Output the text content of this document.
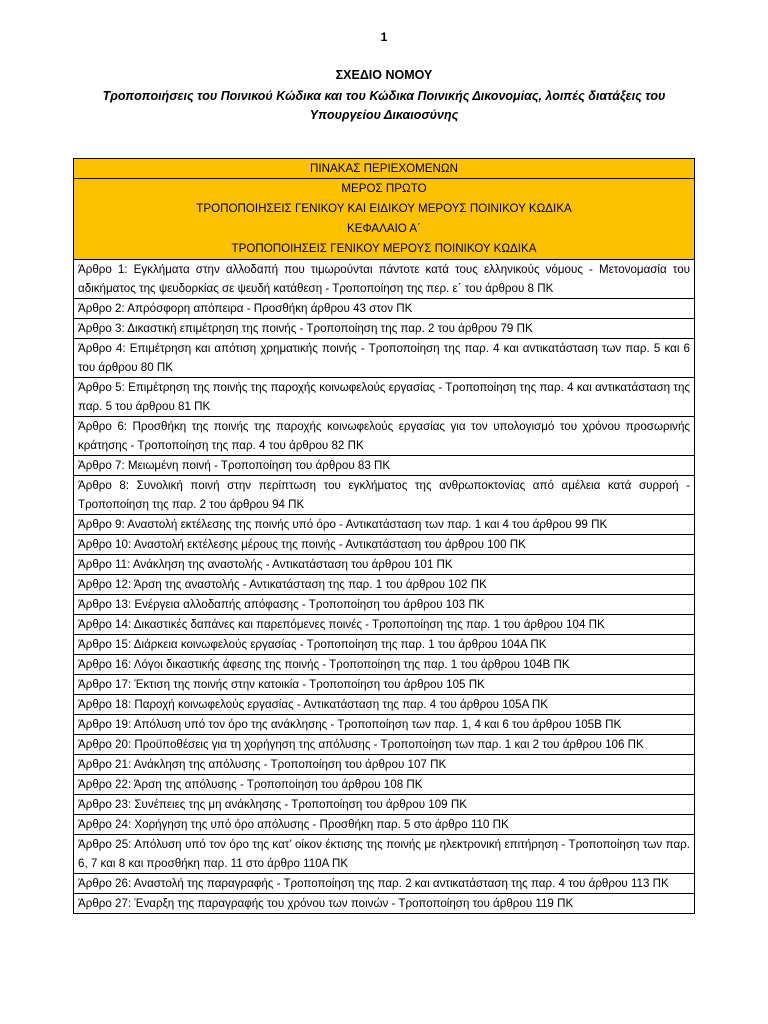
1
ΣΧΕΔΙΟ ΝΟΜΟΥ
Τροποποιήσεις του Ποινικού Κώδικα και του Κώδικα Ποινικής Δικονομίας, λοιπές διατάξεις του Υπουργείου Δικαιοσύνης
ΠΙΝΑΚΑΣ ΠΕΡΙΕΧΟΜΕΝΩΝ

ΜΕΡΟΣ ΠΡΩΤΟ
ΤΡΟΠΟΠΟΙΗΣΕΙΣ ΓΕΝΙΚΟΥ ΚΑΙ ΕΙΔΙΚΟΥ ΜΕΡΟΥΣ ΠΟΙΝΙΚΟΥ ΚΩΔΙΚΑ
ΚΕΦΑΛΑΙΟ Α΄
ΤΡΟΠΟΠΟΙΗΣΕΙΣ ΓΕΝΙΚΟΥ ΜΕΡΟΥΣ ΠΟΙΝΙΚΟΥ ΚΩΔΙΚΑ

Άρθρο 1: Εγκλήματα στην αλλοδαπή που τιμωρούνται πάντοτε κατά τους ελληνικούς νόμους - Μετονομασία του αδικήματος της ψευδορκίας σε ψευδή κατάθεση - Τροποποίηση της περ. ε΄ του άρθρου 8 ΠΚ
Άρθρο 2: Απρόσφορη απόπειρα - Προσθήκη άρθρου 43 στον ΠΚ
Άρθρο 3: Δικαστική επιμέτρηση της ποινής - Τροποποίηση της παρ. 2 του άρθρου 79 ΠΚ
Άρθρο 4: Επιμέτρηση και απότιση χρηματικής ποινής - Τροποποίηση της παρ. 4 και αντικατάσταση των παρ. 5 και 6 του άρθρου 80 ΠΚ
Άρθρο 5: Επιμέτρηση της ποινής της παροχής κοινωφελούς εργασίας - Τροποποίηση της παρ. 4 και αντικατάσταση της παρ. 5 του άρθρου 81 ΠΚ
Άρθρο 6: Προσθήκη της ποινής της παροχής κοινωφελούς εργασίας για τον υπολογισμό του χρόνου προσωρινής κράτησης - Τροποποίηση της παρ. 4 του άρθρου 82 ΠΚ
Άρθρο 7: Μειωμένη ποινή - Τροποποίηση του άρθρου 83 ΠΚ
Άρθρο 8: Συνολική ποινή στην περίπτωση του εγκλήματος της ανθρωποκτονίας από αμέλεια κατά συρροή - Τροποποίηση της παρ. 2 του άρθρου 94 ΠΚ
Άρθρο 9: Αναστολή εκτέλεσης της ποινής υπό όρο - Αντικατάσταση των παρ. 1 και 4 του άρθρου 99 ΠΚ
Άρθρο 10: Αναστολή εκτέλεσης μέρους της ποινής - Αντικατάσταση του άρθρου 100 ΠΚ
Άρθρο 11: Ανάκληση της αναστολής - Αντικατάσταση του άρθρου 101 ΠΚ
Άρθρο 12: Άρση της αναστολής - Αντικατάσταση της παρ. 1 του άρθρου 102 ΠΚ
Άρθρο 13: Ενέργεια αλλοδαπής απόφασης - Τροποποίηση του άρθρου 103 ΠΚ
Άρθρο 14: Δικαστικές δαπάνες και παρεπόμενες ποινές - Τροποποίηση της παρ. 1 του άρθρου 104 ΠΚ
Άρθρο 15: Διάρκεια κοινωφελούς εργασίας - Τροποποίηση της παρ. 1 του άρθρου 104Α ΠΚ
Άρθρο 16: Λόγοι δικαστικής άφεσης της ποινής - Τροποποίηση της παρ. 1 του άρθρου 104Β ΠΚ
Άρθρο 17: Έκτιση της ποινής στην κατοικία - Τροποποίηση του άρθρου 105 ΠΚ
Άρθρο 18: Παροχή κοινωφελούς εργασίας - Αντικατάσταση της παρ. 4 του άρθρου 105Α ΠΚ
Άρθρο 19: Απόλυση υπό τον όρο της ανάκλησης - Τροποποίηση των παρ. 1, 4 και 6 του άρθρου 105Β ΠΚ
Άρθρο 20: Προϋποθέσεις για τη χορήγηση της απόλυσης - Τροποποίηση των παρ. 1 και 2 του άρθρου 106 ΠΚ
Άρθρο 21: Ανάκληση της απόλυσης - Τροποποίηση του άρθρου 107 ΠΚ
Άρθρο 22: Άρση της απόλυσης - Τροποποίηση του άρθρου 108 ΠΚ
Άρθρο 23: Συνέπειες της μη ανάκλησης - Τροποποίηση του άρθρου 109 ΠΚ
Άρθρο 24: Χορήγηση της υπό όρο απόλυσης - Προσθήκη παρ. 5 στο άρθρο 110 ΠΚ
Άρθρο 25: Απόλυση υπό τον όρο της κατ’ οίκον έκτισης της ποινής με ηλεκτρονική επιτήρηση - Τροποποίηση των παρ. 6, 7 και 8 και προσθήκη παρ. 11 στο άρθρο 110Α ΠΚ
Άρθρο 26: Αναστολή της παραγραφής - Τροποποίηση της παρ. 2 και αντικατάσταση της παρ. 4 του άρθρου 113 ΠΚ
Άρθρο 27: Έναρξη της παραγραφής του χρόνου των ποινών - Τροποποίηση του άρθρου 119 ΠΚ
